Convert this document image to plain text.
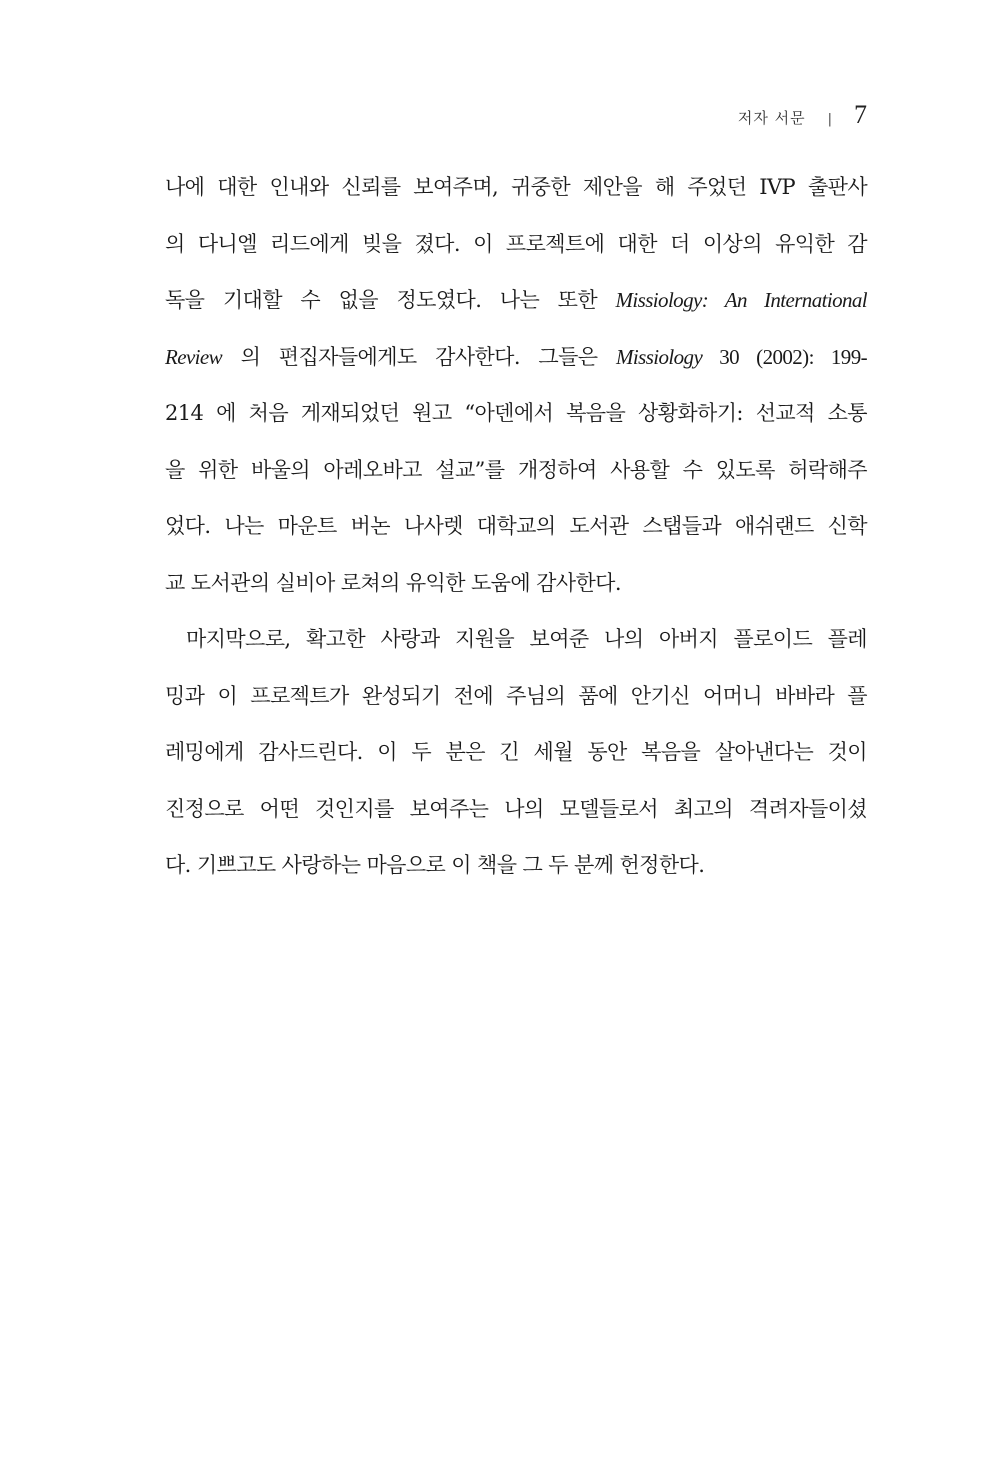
저자 서문 | 7
나에 대한 인내와 신뢰를 보여주며, 귀중한 제안을 해 주었던 IVP 출판사
의 다니엘 리드에게 빚을 졌다. 이 프로젝트에 대한 더 이상의 유익한 감
독을 기대할 수 없을 정도였다. 나는 또한 Missiology: An International
Review 의 편집자들에게도 감사한다. 그들은 Missiology 30 (2002): 199-
214 에 처음 게재되었던 원고 “아덴에서 복음을 상황화하기: 선교적 소통
을 위한 바울의 아레오바고 설교”를 개정하여 사용할 수 있도록 허락해주
었다. 나는 마운트 버논 나사렛 대학교의 도서관 스탭들과 애쉬랜드 신학
교 도서관의 실비아 로쳐의 유익한 도움에 감사한다.
마지막으로, 확고한 사랑과 지원을 보여준 나의 아버지 플로이드 플레
밍과 이 프로젝트가 완성되기 전에 주님의 품에 안기신 어머니 바바라 플
레밍에게 감사드린다. 이 두 분은 긴 세월 동안 복음을 살아낸다는 것이
진정으로 어떤 것인지를 보여주는 나의 모델들로서 최고의 격려자들이셨
다. 기쁘고도 사랑하는 마음으로 이 책을 그 두 분께 헌정한다.
